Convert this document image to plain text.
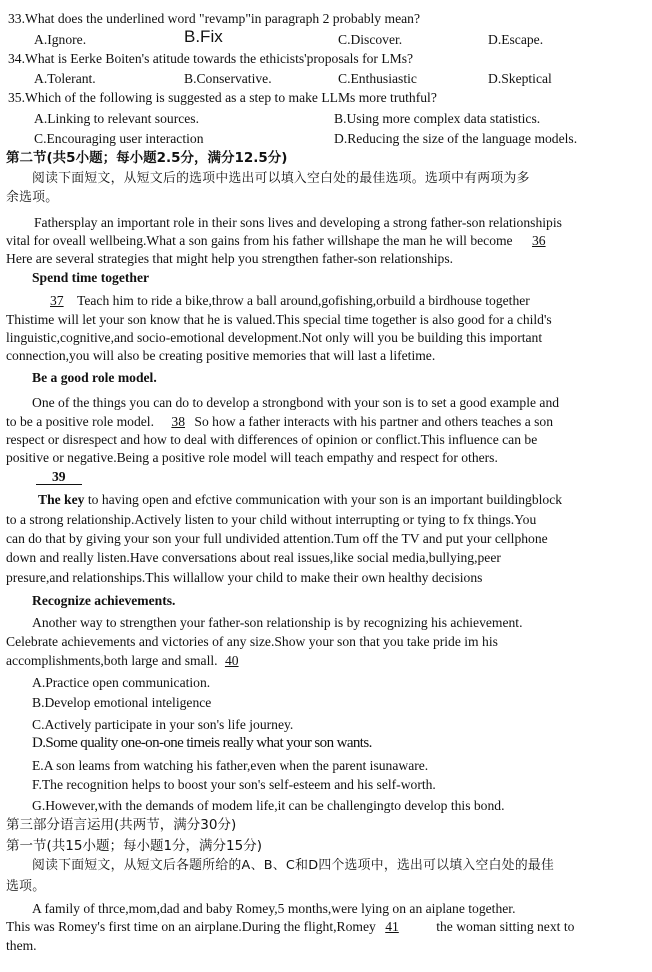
33.What does the underlined word "revamp"in paragraph 2 probably mean?
A.Ignore.	B.Fix	C.Discover.	D.Escape.
34.What is Eerke Boiten's atitude towards the ethicists'proposals for LMs?
A.Tolerant.	B.Conservative.	C.Enthusiastic	D.Skeptical
35.Which of the following is suggested as a step to make LLMs more truthful?
A.Linking to relevant sources.	B.Using more complex data statistics.
C.Encouraging user interaction	D.Reducing the size of the language models.
第二节(共5小题；每小题2.5分，满分12.5分)
阅读下面短文，从短文后的选项中选出可以填入空白处的最佳选项。选项中有两项为多
余选项。
Fathersplay an important role in their sons lives and developing a strong father-son relationshipis
vital for oveall wellbeing.What a son gains from his father willshape the man he will become 36
Here are several strategies that might help you strengthen father-son relationships.
Spend time together
37 Teach him to ride a bike,throw a ball around,gofishing,orbuild a birdhouse together
Thistime will let your son know that he is valued.This special time together is also good for a child's
linguistic,cognitive,and socio-emotional development.Not only will you be building this important
connection,you will also be creating positive memories that will last a lifetime.
Be a good role model.
One of the things you can do to develop a strongbond with your son is to set a good example and
to be a positive role model. 38 So how a father interacts with his partner and others teaches a son
respect or disrespect and how to deal with differences of opinion or conflict.This influence can be
positive or negative.Being a positive role model will teach empathy and respect for others.
39
The key to having open and efctive communication with your son is an important buildingblock
to a strong relationship.Actively listen to your child without interrupting or tying to fx things.You
can do that by giving your son your full undivided attention.Tum off the TV and put your cellphone
down and really listen.Have conversations about real issues,like social media,bullying,peer
presure,and relationships.This willallow your child to make their own healthy decisions
Recognize achievements.
Another way to strengthen your father-son relationship is by recognizing his achievement.
Celebrate achievements and victories of any size.Show your son that you take pride im his
accomplishments,both large and small. 40
A.Practice open communication.
B.Develop emotional inteligence
C.Actively participate in your son's life journey.
D.Some quality one-on-one timeis really what your son wants.
E.A son leams from watching his father,even when the parent isunaware.
F.The recognition helps to boost your son's self-esteem and his self-worth.
G.However,with the demands of modem life,it can be challengingto develop this bond.
第三部分语言运用(共两节，满分30分)
第一节(共15小题；每小题1分，满分15分)
阅读下面短文，从短文后各题所给的A、B、C和D四个选项中，选出可以填入空白处的最佳
选项。
A family of thrce,mom,dad and baby Romey,5 months,were lying on an aiplane together.
This was Romey's first time on an airplane.During the flight,Romey 41	the woman sitting next to
them.
